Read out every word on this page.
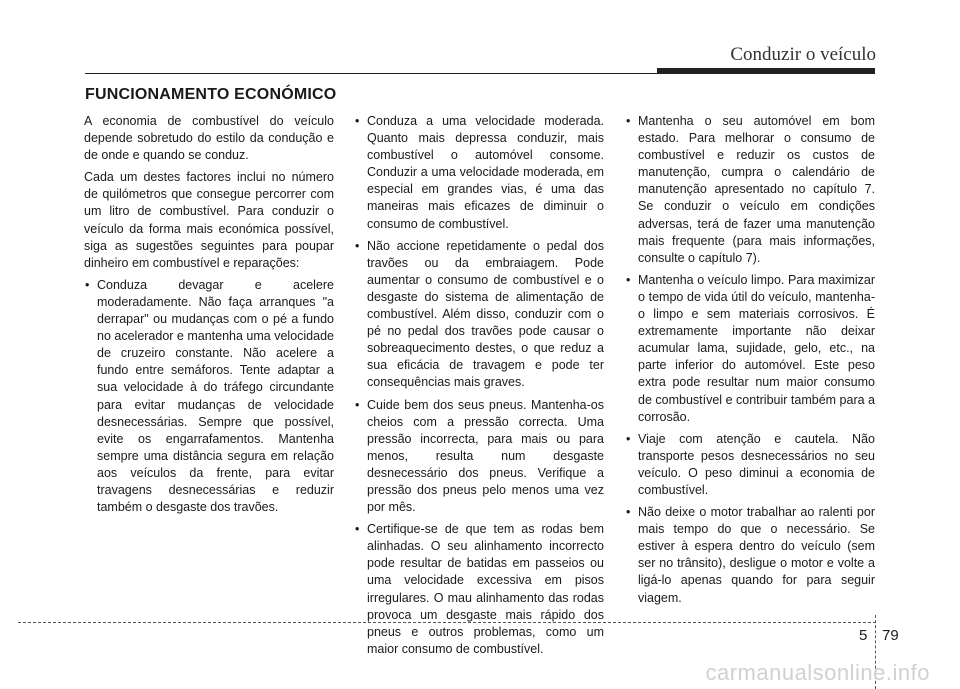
Conduzir o veículo
FUNCIONAMENTO ECONÓMICO

A economia de combustível do veículo depende sobretudo do estilo da condução e de onde e quando se conduz.

Cada um destes factores inclui no número de quilómetros que consegue percorrer com um litro de combustível. Para conduzir o veículo da forma mais económica possível, siga as sugestões seguintes para poupar dinheiro em combustível e reparações:

• Conduza devagar e acelere moderadamente. Não faça arranques "a derrapar" ou mudanças com o pé a fundo no acelerador e mantenha uma velocidade de cruzeiro constante. Não acelere a fundo entre semáforos. Tente adaptar a sua velocidade à do tráfego circundante para evitar mudanças de velocidade desnecessárias. Sempre que possível, evite os engarrafamentos. Mantenha sempre uma distância segura em relação aos veículos da frente, para evitar travagens desnecessárias e reduzir também o desgaste dos travões.
• Conduza a uma velocidade moderada. Quanto mais depressa conduzir, mais combustível o automóvel consome. Conduzir a uma velocidade moderada, em especial em grandes vias, é uma das maneiras mais eficazes de diminuir o consumo de combustível.
• Não accione repetidamente o pedal dos travões ou da embraiagem. Pode aumentar o consumo de combustível e o desgaste do sistema de alimentação de combustível. Além disso, conduzir com o pé no pedal dos travões pode causar o sobreaquecimento destes, o que reduz a sua eficácia de travagem e pode ter consequências mais graves.
• Cuide bem dos seus pneus. Mantenha-os cheios com a pressão correcta. Uma pressão incorrecta, para mais ou para menos, resulta num desgaste desnecessário dos pneus. Verifique a pressão dos pneus pelo menos uma vez por mês.
• Certifique-se de que tem as rodas bem alinhadas. O seu alinhamento incorrecto pode resultar de batidas em passeios ou uma velocidade excessiva em pisos irregulares. O mau alinhamento das rodas provoca um desgaste mais rápido dos pneus e outros problemas, como um maior consumo de combustível.
• Mantenha o seu automóvel em bom estado. Para melhorar o consumo de combustível e reduzir os custos de manutenção, cumpra o calendário de manutenção apresentado no capítulo 7. Se conduzir o veículo em condições adversas, terá de fazer uma manutenção mais frequente (para mais informações, consulte o capítulo 7).
• Mantenha o veículo limpo. Para maximizar o tempo de vida útil do veículo, mantenha-o limpo e sem materiais corrosivos. É extremamente importante não deixar acumular lama, sujidade, gelo, etc., na parte inferior do automóvel. Este peso extra pode resultar num maior consumo de combustível e contribuir também para a corrosão.
• Viaje com atenção e cautela. Não transporte pesos desnecessários no seu veículo. O peso diminui a economia de combustível.
• Não deixe o motor trabalhar ao ralenti por mais tempo do que o necessário. Se estiver à espera dentro do veículo (sem ser no trânsito), desligue o motor e volte a ligá-lo apenas quando for para seguir viagem.
5 79
carmanualsonline.info
